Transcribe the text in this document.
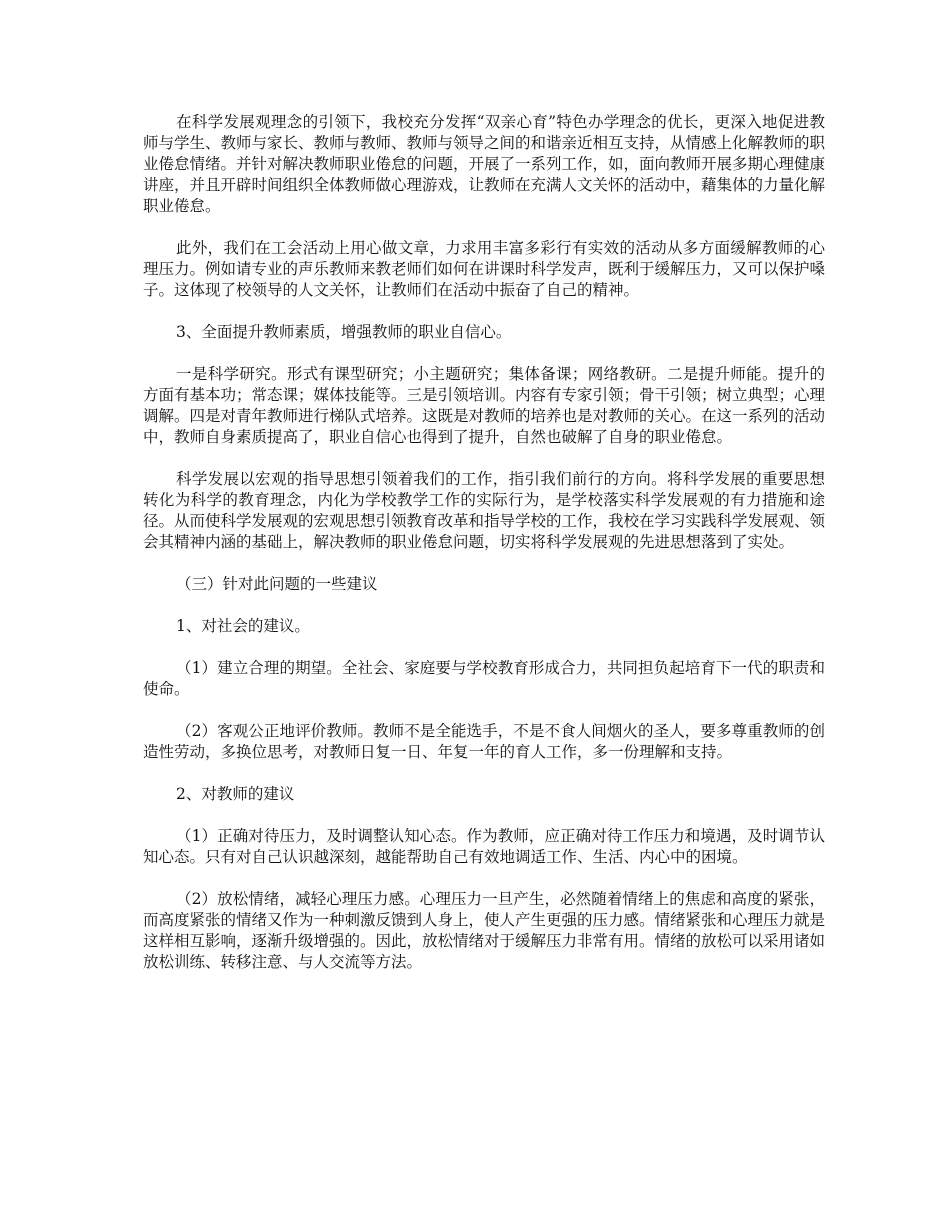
在科学发展观理念的引领下，我校充分发挥“双亲心育”特色办学理念的优长，更深入地促进教师与学生、教师与家长、教师与教师、教师与领导之间的和谐亲近相互支持，从情感上化解教师的职业倦怠情绪。并针对解决教师职业倦怠的问题，开展了一系列工作，如，面向教师开展多期心理健康讲座，并且开辟时间组织全体教师做心理游戏，让教师在充满人文关怀的活动中，藉集体的力量化解职业倦怠。

此外，我们在工会活动上用心做文章，力求用丰富多彩行有实效的活动从多方面缓解教师的心理压力。例如请专业的声乐教师来教老师们如何在讲课时科学发声，既利于缓解压力，又可以保护嗓子。这体现了校领导的人文关怀，让教师们在活动中振奋了自己的精神。

3、全面提升教师素质，增强教师的职业自信心。

一是科学研究。形式有课型研究；小主题研究；集体备课；网络教研。二是提升师能。提升的方面有基本功；常态课；媒体技能等。三是引领培训。内容有专家引领；骨干引领；树立典型；心理调解。四是对青年教师进行梯队式培养。这既是对教师的培养也是对教师的关心。在这一系列的活动中，教师自身素质提高了，职业自信心也得到了提升，自然也破解了自身的职业倦怠。

科学发展以宏观的指导思想引领着我们的工作，指引我们前行的方向。将科学发展的重要思想转化为科学的教育理念，内化为学校教学工作的实际行为，是学校落实科学发展观的有力措施和途径。从而使科学发展观的宏观思想引领教育改革和指导学校的工作，我校在学习实践科学发展观、领会其精神内涵的基础上，解决教师的职业倦怠问题，切实将科学发展观的先进思想落到了实处。

（三）针对此问题的一些建议

1、对社会的建议。

（1）建立合理的期望。全社会、家庭要与学校教育形成合力，共同担负起培育下一代的职责和使命。

（2）客观公正地评价教师。教师不是全能选手，不是不食人间烟火的圣人，要多尊重教师的创造性劳动，多换位思考，对教师日复一日、年复一年的育人工作，多一份理解和支持。

2、对教师的建议

（1）正确对待压力，及时调整认知心态。作为教师，应正确对待工作压力和境遇，及时调节认知心态。只有对自己认识越深刻，越能帮助自己有效地调适工作、生活、内心中的困境。

（2）放松情绪，减轻心理压力感。心理压力一旦产生，必然随着情绪上的焦虑和高度的紧张，而高度紧张的情绪又作为一种刺激反馈到人身上，使人产生更强的压力感。情绪紧张和心理压力就是这样相互影响，逐渐升级增强的。因此，放松情绪对于缓解压力非常有用。情绪的放松可以采用诸如放松训练、转移注意、与人交流等方法。
